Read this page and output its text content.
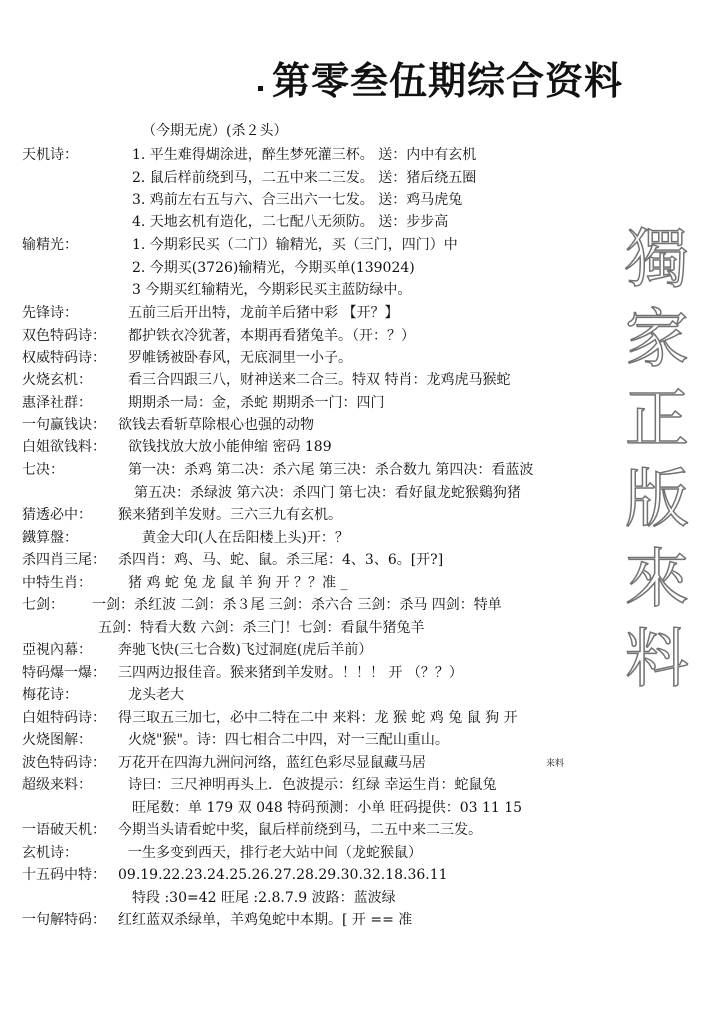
第零叁伍期综合资料
獨
家
正
版
來
料
（今期无虎）(杀２头）
天机诗：	1. 平生难得煳涂进，醉生梦死灌三杯。 送：内中有玄机
2. 鼠后样前绕到马，二五中来二三发。 送：猪后绕五圈
3. 鸡前左右五与六、合三出六一七发。 送：鸡马虎兔
4. 天地玄机有造化，二七配八无须防。 送：步步高
输精光：	1. 今期彩民买（二门）输精光，买（三门，四门）中
2. 今期买(3726)输精光，今期买单(139024)
3 今期买红输精光，今期彩民买主蓝防绿中。
先锋诗：	五前三后开出特，龙前羊后猪中彩 【开？】
双色特码诗： 都护铁衣冷犹著，本期再看猪兔羊。（开：？）
权威特码诗： 罗帷锈被卧春风，无底洞里一小子。
火烧玄机：	看三合四跟三八，财神送来二合三。特双 特肖：龙鸡虎马猴蛇
惠泽社群：	期期杀一局：金，杀蛇 期期杀一门：四门
一句赢钱诀： 欲钱去看斩草除根心也强的动物
白姐欲钱料： 欲钱找放大放小能伸缩 密码 189
七决：	第一决：杀鸡 第二决：杀六尾 第三决：杀合数九 第四决：看蓝波
第五决：杀绿波 第六决：杀四门 第七决：看好鼠龙蛇猴鷄狗猪
猜透必中： 猴来猪到羊发财。三六三九有玄机。
鐵算盤：	黄金大印(人在岳阳楼上头)开：？
杀四肖三尾： 杀四肖：鸡、马、蛇、鼠。杀三尾：4、3、6。[开?]
中特生肖：	猪 鸡 蛇 兔 龙 鼠 羊 狗 开 ？？准 _
七剑： 一剑：杀红波 二剑：杀３尾 三剑：杀六合 三剑：杀马 四剑：特单
五剑：特看大数 六剑：杀三门！七剑：看鼠牛猪兔羊
亞視內幕： 奔驰飞快(三七合数)飞过洞庭(虎后羊前）
特码爆一爆： 三四两边报佳音。猴来猪到羊发财。！！！ 开 （？？）
梅花诗：	龙头老大
白姐特码诗： 得三取五三加七，必中二特在二中 来料：龙 猴 蛇 鸡 兔 鼠 狗 开
火烧图解：	火烧"猴"。诗：四七相合二中四，对一三配山重山。
波色特码诗： 万花开在四海九洲问河络，蓝红色彩尽显鼠藏马居	来料
超级来料：	诗曰：三尺神明再头上．色波提示：红绿 幸运生肖：蛇鼠兔
旺尾数：单 179 双 048 特码预测：小单 旺码提供：03 11 15
一语破天机： 今期当头请看蛇中奖，鼠后样前绕到马，二五中来二三发。
玄机诗：	一生多变到西天，排行老大站中间（龙蛇猴鼠）
十五码中特： 09.19.22.23.24.25.26.27.28.29.30.32.18.36.11
特段 :30=42 旺尾 :2.8.7.9 波路：蓝波绿
一句解特码： 红红蓝双杀绿单，羊鸡兔蛇中本期。[ 开 == 准
